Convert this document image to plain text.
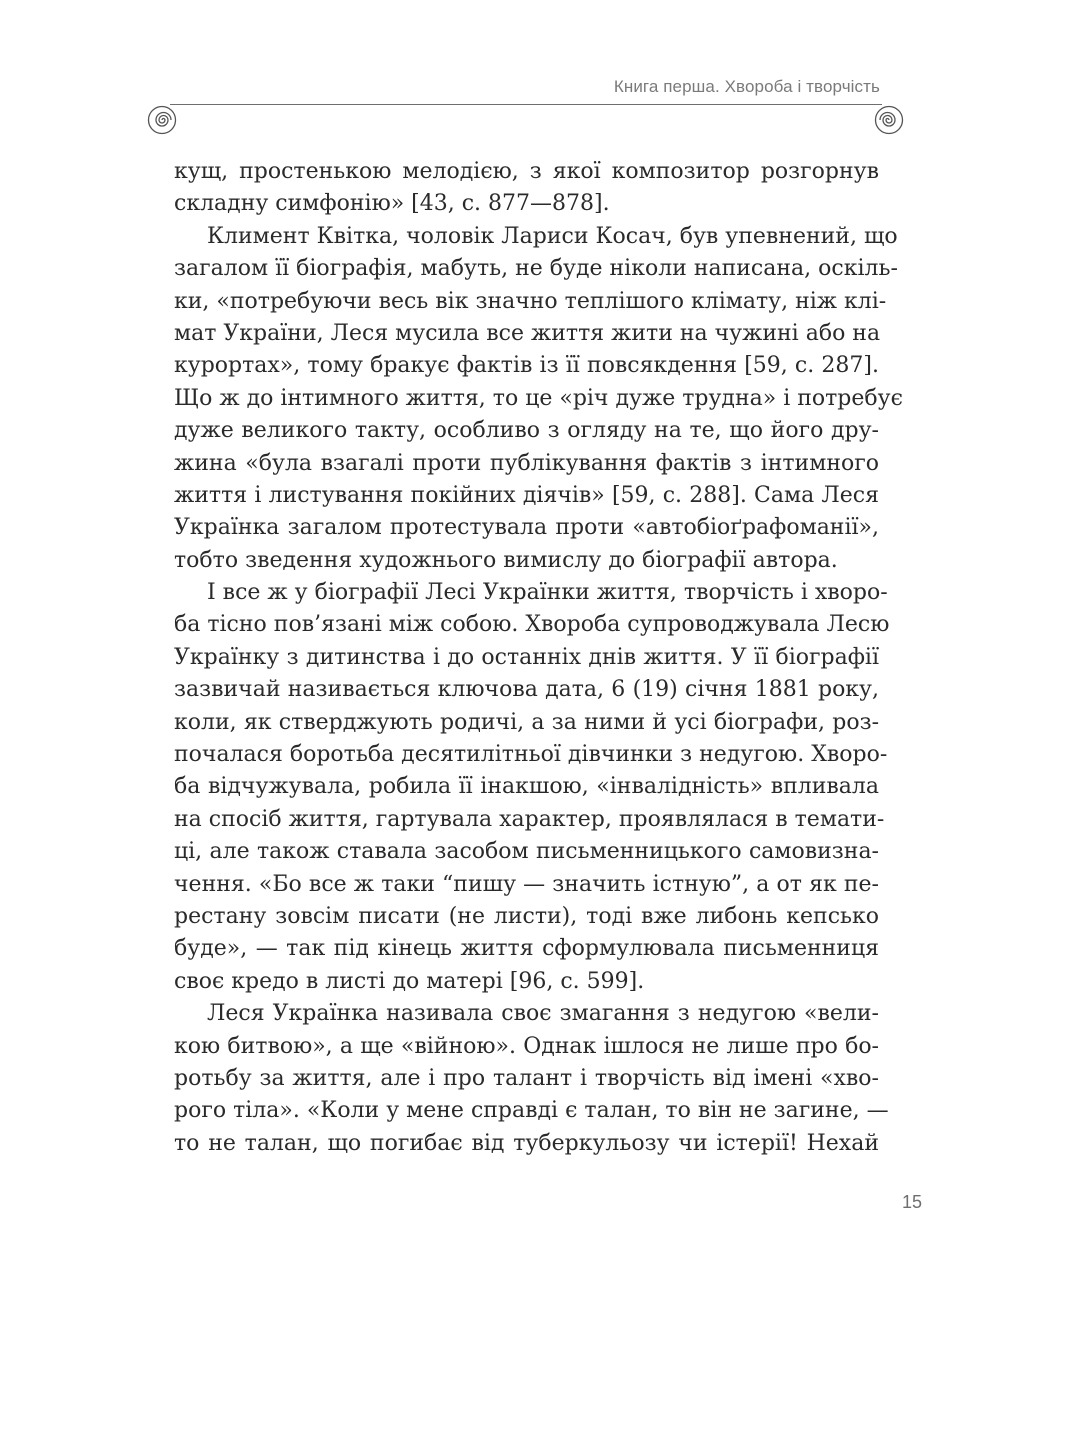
Книга перша. Хвороба і творчість
кущ, простенькою мелодією, з якої композитор розгорнув
складну симфонію» [43, с. 877—878].
Климент Квітка, чоловік Лариси Косач, був упевнений, що
загалом її біографія, мабуть, не буде ніколи написана, оскіль-
ки, «потребуючи весь вік значно теплішого клімату, ніж клі-
мат України, Леся мусила все життя жити на чужині або на
курортах», тому бракує фактів із її повсякдення [59, с. 287].
Що ж до інтимного життя, то це «річ дуже трудна» і потребує
дуже великого такту, особливо з огляду на те, що його дру-
жина «була взагалі проти публікування фактів з інтимного
життя і листування покійних діячів» [59, с. 288]. Сама Леся
Українка загалом протестувала проти «автобіоґрафоманії»,
тобто зведення художнього вимислу до біографії автора.
І все ж у біографії Лесі Українки життя, творчість і хворо-
ба тісно пов’язані між собою. Хвороба супроводжувала Лесю
Українку з дитинства і до останніх днів життя. У її біографії
зазвичай називається ключова дата, 6 (19) січня 1881 року,
коли, як стверджують родичі, а за ними й усі біографи, роз-
почалася боротьба десятилітньої дівчинки з недугою. Хворо-
ба відчужувала, робила її інакшою, «інвалідність» впливала
на спосіб життя, гартувала характер, проявлялася в темати-
ці, але також ставала засобом письменницького самовизна-
чення. «Бо все ж таки “пишу — значить істную”, а от як пе-
рестану зовсім писати (не листи), тоді вже либонь кепсько
буде», — так під кінець життя сформулювала письменниця
своє кредо в листі до матері [96, с. 599].
Леся Українка називала своє змагання з недугою «вели-
кою битвою», а ще «війною». Однак ішлося не лише про бо-
ротьбу за життя, але і про талант і творчість від імені «хво-
рого тіла». «Коли у мене справді є талан, то він не загине, —
то не талан, що погибає від туберкульозу чи істерії! Нехай
15
